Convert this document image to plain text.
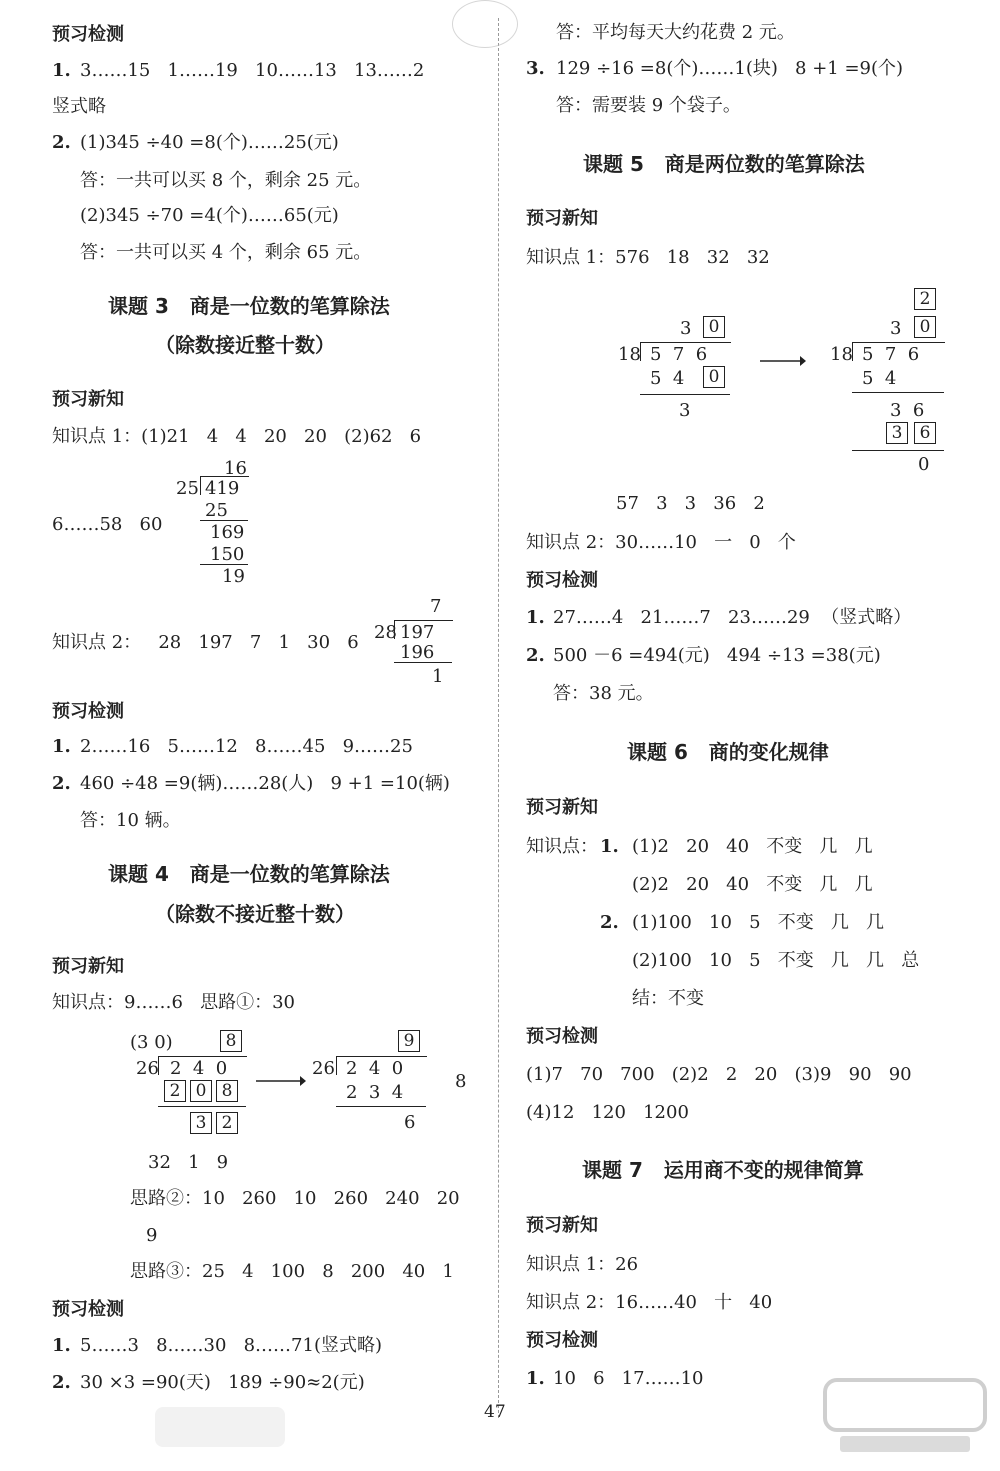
预习检测
1. 3……15   1……19   10……13   13……2
竖式略
2. (1)345 ÷40 =8(个)……25(元)
答：一共可以买 8 个，剩余 25 元。
(2)345 ÷70 =4(个)……65(元)
答：一共可以买 4 个，剩余 65 元。
课题 3   商是一位数的笔算除法
（除数接近整十数）
预习新知
知识点 1：(1)21   4   4   20   20   (2)62   6
16
25 419
25
169
150
19
6……58   60
知识点 2：   28   197   7   1   30   6
7
28 197
196
1
预习检测
1. 2……16   5……12   8……45   9……25
2. 460 ÷48 =9(辆)……28(人)   9 +1 =10(辆)
答：10 辆。
课题 4   商是一位数的笔算除法
（除数不接近整十数）
预习新知
知识点：9……6   思路①：30
(3 0)	8
26 2  4  0
2 0 8
3 2
9
26 2  4  0
2  3  4
6
8
32   1   9
思路②：10   260   10   260   240   20
9
思路③：25   4   100   8   200   40   1
预习检测
1. 5……3   8……30   8……71(竖式略)
2. 30 ×3 =90(天)   189 ÷90≈2(元)
答：平均每天大约花费 2 元。
3. 129 ÷16 =8(个)……1(块)   8 +1 =9(个)
答：需要装 9 个袋子。
课题 5   商是两位数的笔算除法
预习新知
知识点 1：576   18   32   32
3	0
18 5  7  6
5  4	0
3
2
3	0
18 5  7  6
5  4
3  6
3	6
0
57   3   3   36   2
知识点 2：30……10   一   0   个
预习检测
1. 27……4   21……7   23……29  （竖式略）
2. 500 －6 =494(元)   494 ÷13 =38(元)
答：38 元。
课题 6   商的变化规律
预习新知
知识点： 1. (1)2   20   40   不变   几   几
(2)2   20   40   不变   几   几
2. (1)100   10   5   不变   几   几
(2)100   10   5   不变   几   几   总
结：不变
预习检测
(1)7   70   700   (2)2   2   20   (3)9   90   90
(4)12   120   1200
课题 7   运用商不变的规律简算
预习新知
知识点 1：26
知识点 2：16……40   十   40
预习检测
1. 10   6   17……10
47
